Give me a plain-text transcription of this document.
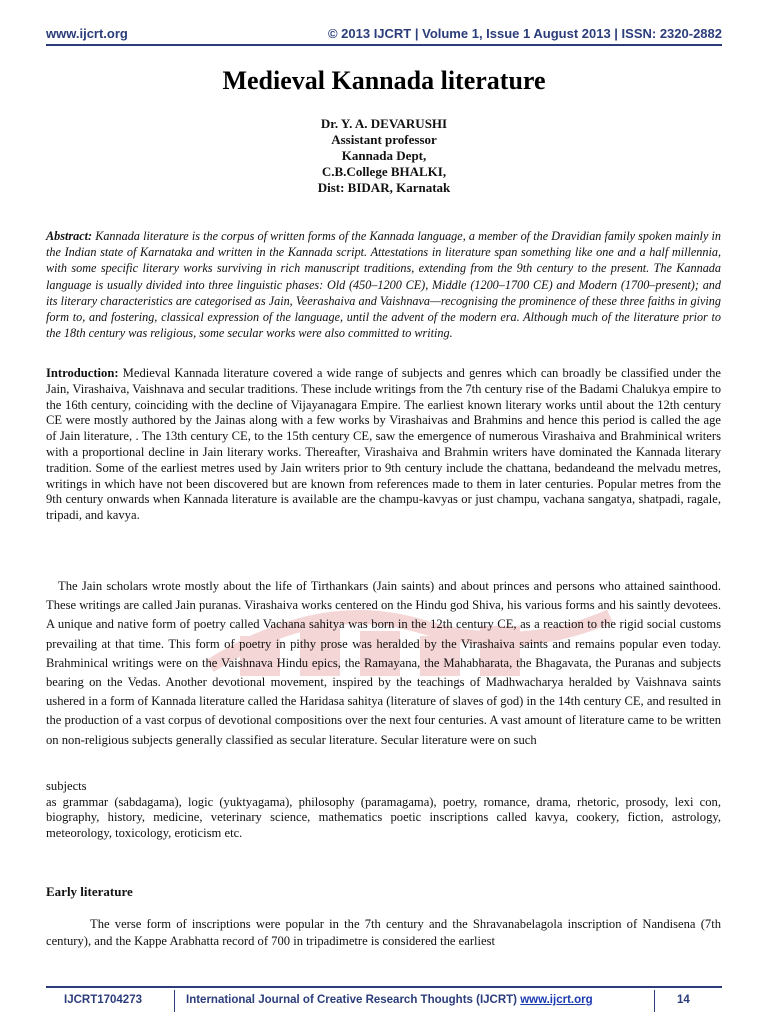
www.ijcrt.org	© 2013 IJCRT | Volume 1, Issue 1 August 2013 | ISSN: 2320-2882
Medieval Kannada literature
Dr. Y. A. DEVARUSHI
Assistant professor
Kannada Dept,
C.B.College BHALKI,
Dist: BIDAR, Karnatak
Abstract: Kannada literature is the corpus of written forms of the Kannada language, a member of the Dravidian family spoken mainly in the Indian state of Karnataka and written in the Kannada script. Attestations in literature span something like one and a half millennia, with some specific literary works surviving in rich manuscript traditions, extending from the 9th century to the present. The Kannada language is usually divided into three linguistic phases: Old (450–1200 CE), Middle (1200–1700 CE) and Modern (1700–present); and its literary characteristics are categorised as Jain, Veerashaiva and Vaishnava—recognising the prominence of these three faiths in giving form to, and fostering, classical expression of the language, until the advent of the modern era. Although much of the literature prior to the 18th century was religious, some secular works were also committed to writing.
Introduction: Medieval Kannada literature covered a wide range of subjects and genres which can broadly be classified under the Jain, Virashaiva, Vaishnava and secular traditions. These include writings from the 7th century rise of the Badami Chalukya empire to the 16th century, coinciding with the decline of Vijayanagara Empire. The earliest known literary works until about the 12th century CE were mostly authored by the Jainas along with a few works by Virashaivas and Brahmins and hence this period is called the age of Jain literature, . The 13th century CE, to the 15th century CE, saw the emergence of numerous Virashaiva and Brahminical writers with a proportional decline in Jain literary works. Thereafter, Virashaiva and Brahmin writers have dominated the Kannada literary tradition. Some of the earliest metres used by Jain writers prior to 9th century include the chattana, bedandeand the melvadu metres, writings in which have not been discovered but are known from references made to them in later centuries. Popular metres from the 9th century onwards when Kannada literature is available are the champu-kavyas or just champu, vachana sangatya, shatpadi, ragale, tripadi, and kavya.
The Jain scholars wrote mostly about the life of Tirthankars (Jain saints) and about princes and persons who attained sainthood. These writings are called Jain puranas. Virashaiva works centered on the Hindu god Shiva, his various forms and his saintly devotees. A unique and native form of poetry called Vachana sahitya was born in the 12th century CE, as a reaction to the rigid social customs prevailing at that time. This form of poetry in pithy prose was heralded by the Virashaiva saints and remains popular even today. Brahminical writings were on the Vaishnava Hindu epics, the Ramayana, the Mahabharata, the Bhagavata, the Puranas and subjects bearing on the Vedas. Another devotional movement, inspired by the teachings of Madhwacharya heralded by Vaishnava saints ushered in a form of Kannada literature called the Haridasa sahitya (literature of slaves of god) in the 14th century CE, and resulted in the production of a vast corpus of devotional compositions over the next four centuries. A vast amount of literature came to be written on non-religious subjects generally classified as secular literature. Secular literature were on such
subjects
as grammar (sabdagama), logic (yuktyagama), philosophy (paramagama), poetry, romance, drama, rhetoric, prosody, lexi con, biography, history, medicine, veterinary science, mathematics poetic inscriptions called kavya, cookery, fiction, astrology, meteorology, toxicology, eroticism etc.
Early literature
The verse form of inscriptions were popular in the 7th century and the Shravanabelagola inscription of Nandisena (7th century), and the Kappe Arabhatta record of 700 in tripadimetre is considered the earliest
IJCRT1704273	International Journal of Creative Research Thoughts (IJCRT) www.ijcrt.org	14
